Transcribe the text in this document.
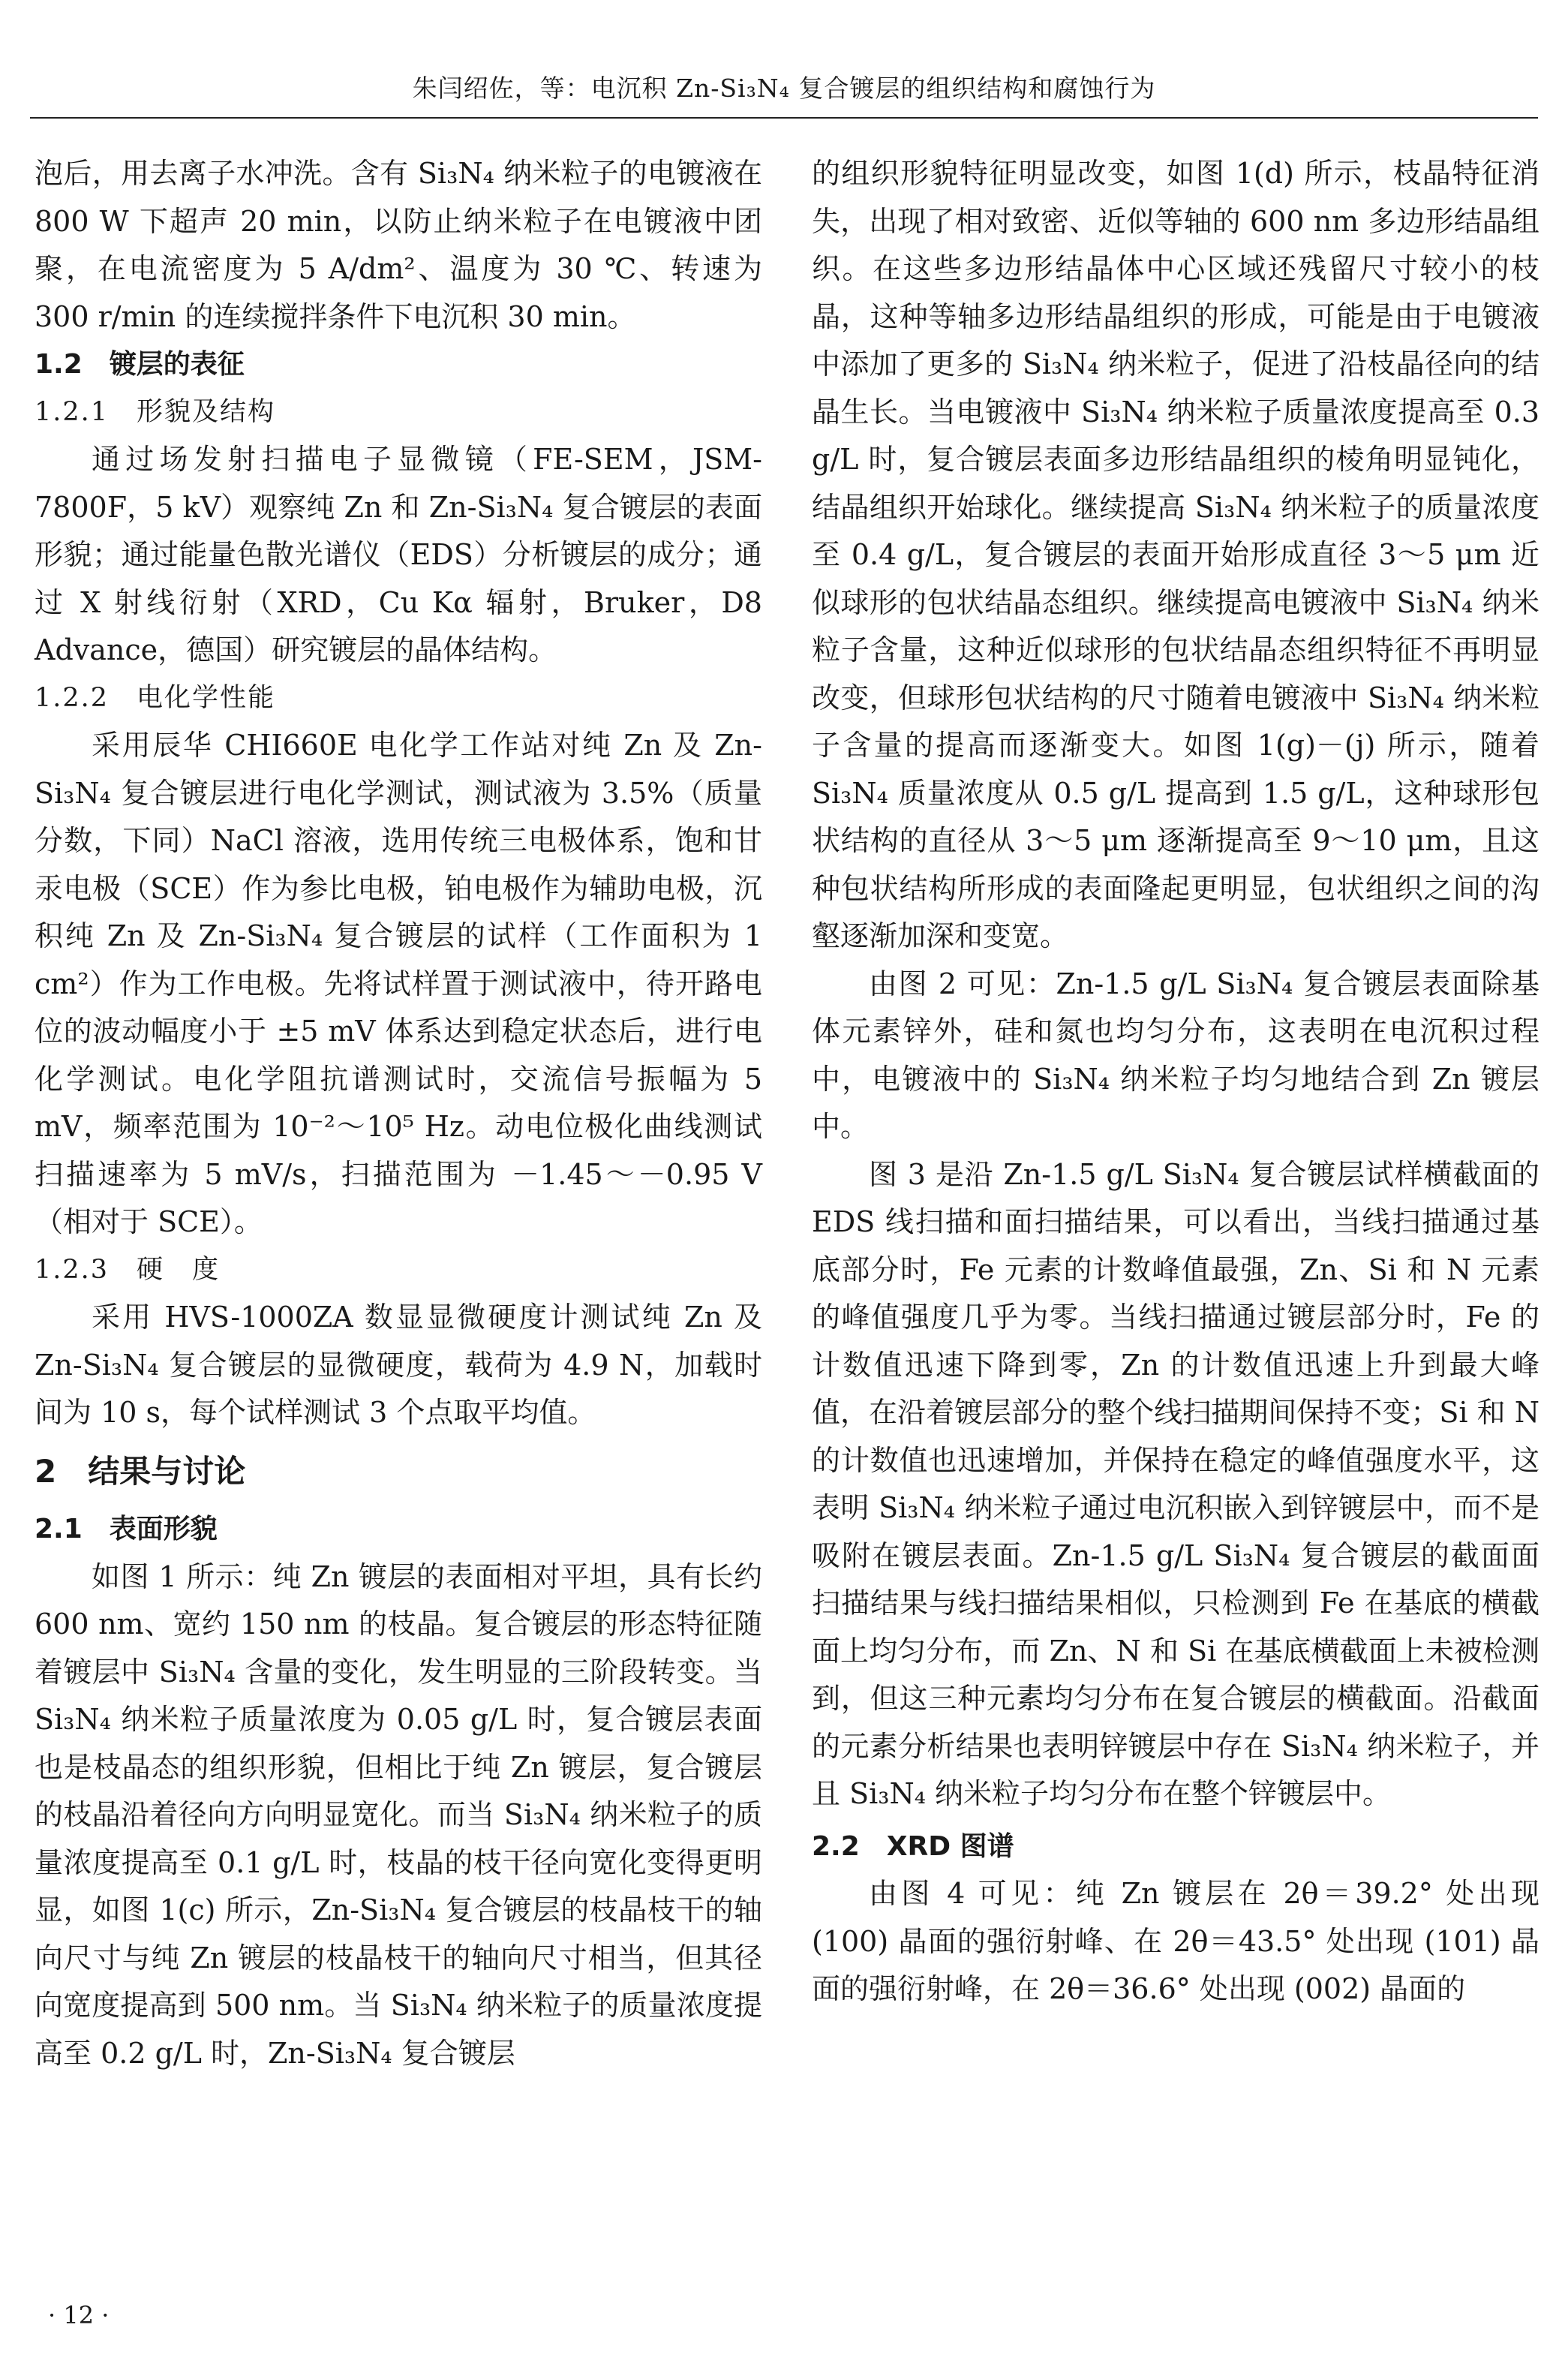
朱闫绍佐，等：电沉积 Zn-Si₃N₄ 复合镀层的组织结构和腐蚀行为

泡后，用去离子水冲洗。含有 Si₃N₄ 纳米粒子的电镀液在 800 W 下超声 20 min，以防止纳米粒子在电镀液中团聚，在电流密度为 5 A/dm²、温度为 30 ℃、转速为 300 r/min 的连续搅拌条件下电沉积 30 min。

1.2　镀层的表征

1.2.1　形貌及结构

通过场发射扫描电子显微镜（FE-SEM，JSM-7800F，5 kV）观察纯 Zn 和 Zn-Si₃N₄ 复合镀层的表面形貌；通过能量色散光谱仪（EDS）分析镀层的成分；通过 X 射线衍射（XRD，Cu Kα 辐射，Bruker，D8 Advance，德国）研究镀层的晶体结构。

1.2.2　电化学性能

采用辰华 CHI660E 电化学工作站对纯 Zn 及 Zn-Si₃N₄ 复合镀层进行电化学测试，测试液为 3.5%（质量分数，下同）NaCl 溶液，选用传统三电极体系，饱和甘汞电极（SCE）作为参比电极，铂电极作为辅助电极，沉积纯 Zn 及 Zn-Si₃N₄ 复合镀层的试样（工作面积为 1 cm²）作为工作电极。先将试样置于测试液中，待开路电位的波动幅度小于 ±5 mV 体系达到稳定状态后，进行电化学测试。电化学阻抗谱测试时，交流信号振幅为 5 mV，频率范围为 10⁻²～10⁵ Hz。动电位极化曲线测试扫描速率为 5 mV/s，扫描范围为 －1.45～－0.95 V（相对于 SCE）。

1.2.3　硬　度

采用 HVS-1000ZA 数显显微硬度计测试纯 Zn 及 Zn-Si₃N₄ 复合镀层的显微硬度，载荷为 4.9 N，加载时间为 10 s，每个试样测试 3 个点取平均值。

2　结果与讨论

2.1　表面形貌

如图 1 所示：纯 Zn 镀层的表面相对平坦，具有长约 600 nm、宽约 150 nm 的枝晶。复合镀层的形态特征随着镀层中 Si₃N₄ 含量的变化，发生明显的三阶段转变。当 Si₃N₄ 纳米粒子质量浓度为 0.05 g/L 时，复合镀层表面也是枝晶态的组织形貌，但相比于纯 Zn 镀层，复合镀层的枝晶沿着径向方向明显宽化。而当 Si₃N₄ 纳米粒子的质量浓度提高至 0.1 g/L 时，枝晶的枝干径向宽化变得更明显，如图 1(c) 所示，Zn-Si₃N₄ 复合镀层的枝晶枝干的轴向尺寸与纯 Zn 镀层的枝晶枝干的轴向尺寸相当，但其径向宽度提高到 500 nm。当 Si₃N₄ 纳米粒子的质量浓度提高至 0.2 g/L 时，Zn-Si₃N₄ 复合镀层

的组织形貌特征明显改变，如图 1(d) 所示，枝晶特征消失，出现了相对致密、近似等轴的 600 nm 多边形结晶组织。在这些多边形结晶体中心区域还残留尺寸较小的枝晶，这种等轴多边形结晶组织的形成，可能是由于电镀液中添加了更多的 Si₃N₄ 纳米粒子，促进了沿枝晶径向的结晶生长。当电镀液中 Si₃N₄ 纳米粒子质量浓度提高至 0.3 g/L 时，复合镀层表面多边形结晶组织的棱角明显钝化，结晶组织开始球化。继续提高 Si₃N₄ 纳米粒子的质量浓度至 0.4 g/L，复合镀层的表面开始形成直径 3～5 μm 近似球形的包状结晶态组织。继续提高电镀液中 Si₃N₄ 纳米粒子含量，这种近似球形的包状结晶态组织特征不再明显改变，但球形包状结构的尺寸随着电镀液中 Si₃N₄ 纳米粒子含量的提高而逐渐变大。如图 1(g)－(j) 所示，随着 Si₃N₄ 质量浓度从 0.5 g/L 提高到 1.5 g/L，这种球形包状结构的直径从 3～5 μm 逐渐提高至 9～10 μm，且这种包状结构所形成的表面隆起更明显，包状组织之间的沟壑逐渐加深和变宽。

由图 2 可见：Zn-1.5 g/L Si₃N₄ 复合镀层表面除基体元素锌外，硅和氮也均匀分布，这表明在电沉积过程中，电镀液中的 Si₃N₄ 纳米粒子均匀地结合到 Zn 镀层中。

图 3 是沿 Zn-1.5 g/L Si₃N₄ 复合镀层试样横截面的 EDS 线扫描和面扫描结果，可以看出，当线扫描通过基底部分时，Fe 元素的计数峰值最强，Zn、Si 和 N 元素的峰值强度几乎为零。当线扫描通过镀层部分时，Fe 的计数值迅速下降到零，Zn 的计数值迅速上升到最大峰值，在沿着镀层部分的整个线扫描期间保持不变；Si 和 N 的计数值也迅速增加，并保持在稳定的峰值强度水平，这表明 Si₃N₄ 纳米粒子通过电沉积嵌入到锌镀层中，而不是吸附在镀层表面。Zn-1.5 g/L Si₃N₄ 复合镀层的截面面扫描结果与线扫描结果相似，只检测到 Fe 在基底的横截面上均匀分布，而 Zn、N 和 Si 在基底横截面上未被检测到，但这三种元素均匀分布在复合镀层的横截面。沿截面的元素分析结果也表明锌镀层中存在 Si₃N₄ 纳米粒子，并且 Si₃N₄ 纳米粒子均匀分布在整个锌镀层中。

2.2　XRD 图谱

由图 4 可见：纯 Zn 镀层在 2θ＝39.2° 处出现 (100) 晶面的强衍射峰、在 2θ＝43.5° 处出现 (101) 晶面的强衍射峰，在 2θ＝36.6° 处出现 (002) 晶面的

· 12 ·
